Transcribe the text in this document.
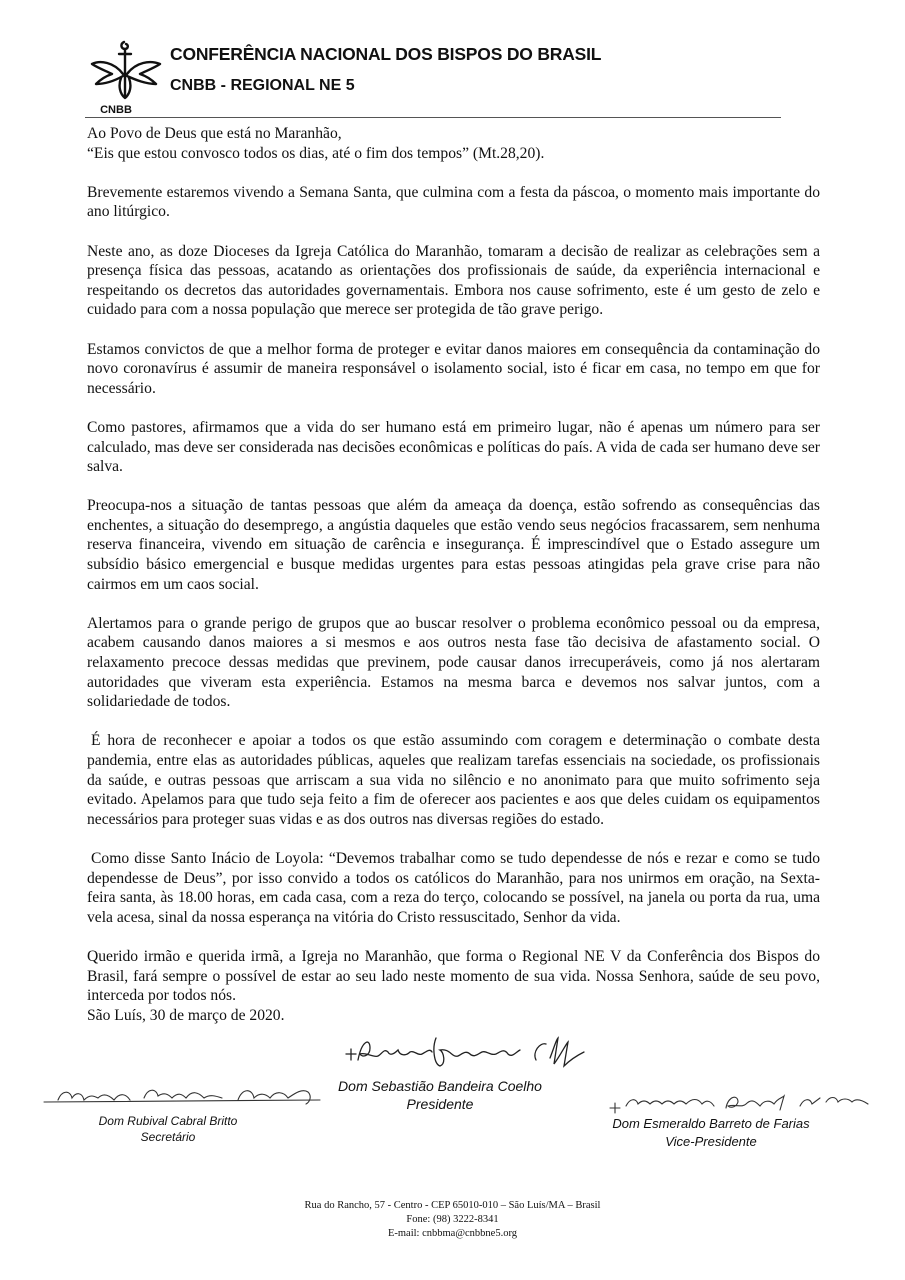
CNBB
CONFERÊNCIA NACIONAL DOS BISPOS DO BRASIL
CNBB - REGIONAL NE 5

Ao Povo de Deus que está no Maranhão,

“Eis que estou convosco todos os dias, até o fim dos tempos” (Mt.28,20).

Brevemente estaremos vivendo a Semana Santa, que culmina com a festa da páscoa, o momento mais importante do ano litúrgico.

Neste ano, as doze Dioceses da Igreja Católica do Maranhão, tomaram a decisão de realizar as celebrações sem a presença física das pessoas, acatando as orientações dos profissionais de saúde, da experiência internacional e respeitando os decretos das autoridades governamentais. Embora nos cause sofrimento, este é um gesto de zelo e cuidado para com a nossa população que merece ser protegida de tão grave perigo.

Estamos convictos de que a melhor forma de proteger e evitar danos maiores em consequência da contaminação do novo coronavírus é assumir de maneira responsável o isolamento social, isto é ficar em casa, no tempo em que for necessário.

Como pastores, afirmamos que a vida do ser humano está em primeiro lugar, não é apenas um número para ser calculado, mas deve ser considerada nas decisões econômicas e políticas do país. A vida de cada ser humano deve ser salva.

Preocupa-nos a situação de tantas pessoas que além da ameaça da doença, estão sofrendo as consequências das enchentes, a situação do desemprego, a angústia daqueles que estão vendo seus negócios fracassarem, sem nenhuma reserva financeira, vivendo em situação de carência e insegurança. É imprescindível que o Estado assegure um subsídio básico emergencial e busque medidas urgentes para estas pessoas atingidas pela grave crise para não cairmos em um caos social.

Alertamos para o grande perigo de grupos que ao buscar resolver o problema econômico pessoal ou da empresa, acabem causando danos maiores a si mesmos e aos outros nesta fase tão decisiva de afastamento social. O relaxamento precoce dessas medidas que previnem, pode causar danos irrecuperáveis, como já nos alertaram autoridades que viveram esta experiência. Estamos na mesma barca e devemos nos salvar juntos, com a solidariedade de todos.

É hora de reconhecer e apoiar a todos os que estão assumindo com coragem e determinação o combate desta pandemia, entre elas as autoridades públicas, aqueles que realizam tarefas essenciais na sociedade, os profissionais da saúde, e outras pessoas que arriscam a sua vida no silêncio e no anonimato para que muito sofrimento seja evitado. Apelamos para que tudo seja feito a fim de oferecer aos pacientes e aos que deles cuidam os equipamentos necessários para proteger suas vidas e as dos outros nas diversas regiões do estado.

Como disse Santo Inácio de Loyola: “Devemos trabalhar como se tudo dependesse de nós e rezar e como se tudo dependesse de Deus”, por isso convido a todos os católicos do Maranhão, para nos unirmos em oração, na Sexta-feira santa, às 18.00 horas, em cada casa, com a reza do terço, colocando se possível, na janela ou porta da rua, uma vela acesa, sinal da nossa esperança na vitória do Cristo ressuscitado, Senhor da vida.

Querido irmão e querida irmã, a Igreja no Maranhão, que forma o Regional NE V da Conferência dos Bispos do Brasil, fará sempre o possível de estar ao seu lado neste momento de sua vida. Nossa Senhora, saúde de seu povo, interceda por todos nós.

São Luís, 30 de março de 2020.

Dom Sebastião Bandeira Coelho
Presidente
Dom Rubival Cabral Britto
Secretário
Dom Esmeraldo Barreto de Farias
Vice-Presidente
Rua do Rancho, 57 - Centro - CEP 65010-010 – São Luís/MA – Brasil
Fone: (98) 3222-8341
E-mail: cnbbma@cnbbne5.org
